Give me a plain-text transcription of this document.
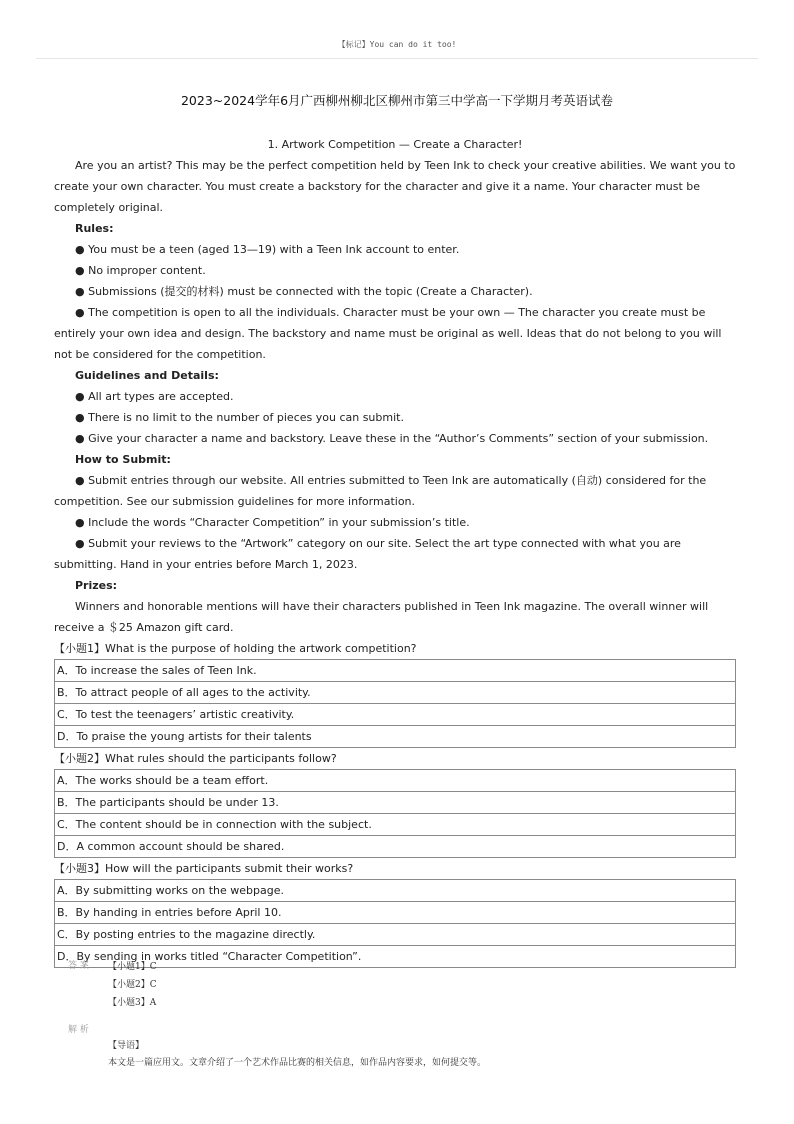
【标记】You can do it too!
2023~2024学年6月广西柳州柳北区柳州市第三中学高一下学期月考英语试卷

1. Artwork Competition — Create a Character!

Are you an artist? This may be the perfect competition held by Teen Ink to check your creative abilities. We want you to create your own character. You must create a backstory for the character and give it a name. Your character must be completely original.

Rules:

● You must be a teen (aged 13—19) with a Teen Ink account to enter.

● No improper content.

● Submissions (提交的材料) must be connected with the topic (Create a Character).

● The competition is open to all the individuals. Character must be your own — The character you create must be entirely your own idea and design. The backstory and name must be original as well. Ideas that do not belong to you will not be considered for the competition.

Guidelines and Details:

● All art types are accepted.

● There is no limit to the number of pieces you can submit.

● Give your character a name and backstory. Leave these in the “Author’s Comments” section of your submission.

How to Submit:

● Submit entries through our website. All entries submitted to Teen Ink are automatically (自动) considered for the competition. See our submission guidelines for more information.

● Include the words “Character Competition” in your submission’s title.

● Submit your reviews to the “Artwork” category on our site. Select the art type connected with what you are submitting. Hand in your entries before March 1, 2023.

Prizes:

Winners and honorable mentions will have their characters published in Teen Ink magazine. The overall winner will receive a ＄25 Amazon gift card.

【小题1】What is the purpose of holding the artwork competition?

A．To increase the sales of Teen Ink.
B．To attract people of all ages to the activity.
C．To test the teenagers’ artistic creativity.
D．To praise the young artists for their talents

【小题2】What rules should the participants follow?

A．The works should be a team effort.
B．The participants should be under 13.
C．The content should be in connection with the subject.
D．A common account should be shared.

【小题3】How will the participants submit their works?

A．By submitting works on the webpage.
B．By handing in entries before April 10.
C．By posting entries to the magazine directly.
D．By sending in works titled “Character Competition”.
答 案 【小题1】C
【小题2】C
【小题3】A
解 析
【导语】
本文是一篇应用文。文章介绍了一个艺术作品比赛的相关信息，如作品内容要求，如何提交等。
